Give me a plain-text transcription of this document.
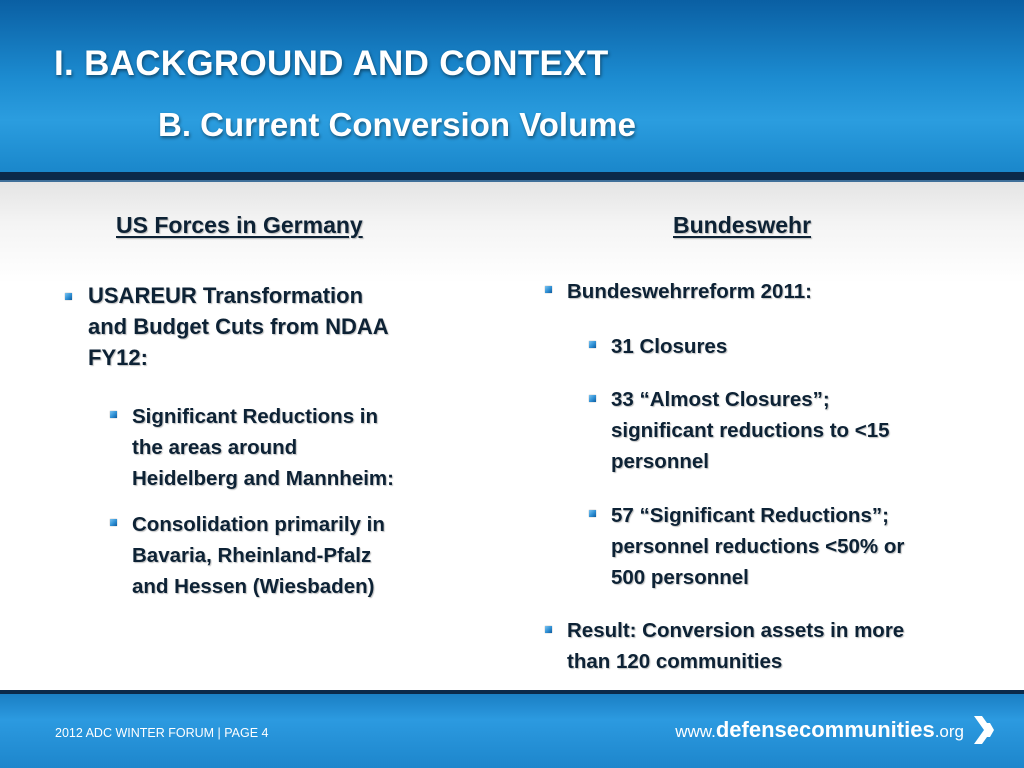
I. BACKGROUND AND CONTEXT
B. Current Conversion Volume
US Forces in Germany
USAREUR Transformation
and Budget Cuts from NDAA
FY12:
Significant Reductions in
the areas around
Heidelberg and Mannheim:
Consolidation primarily in
Bavaria, Rheinland-Pfalz
and Hessen (Wiesbaden)
Bundeswehr
Bundeswehrreform 2011:
31 Closures
33 “Almost Closures”;
significant reductions to <15
personnel
57 “Significant Reductions”;
personnel reductions <50% or
500 personnel
Result: Conversion assets in more
than 120 communities
2012 ADC WINTER FORUM | PAGE 4	www.defensecommunities.org
